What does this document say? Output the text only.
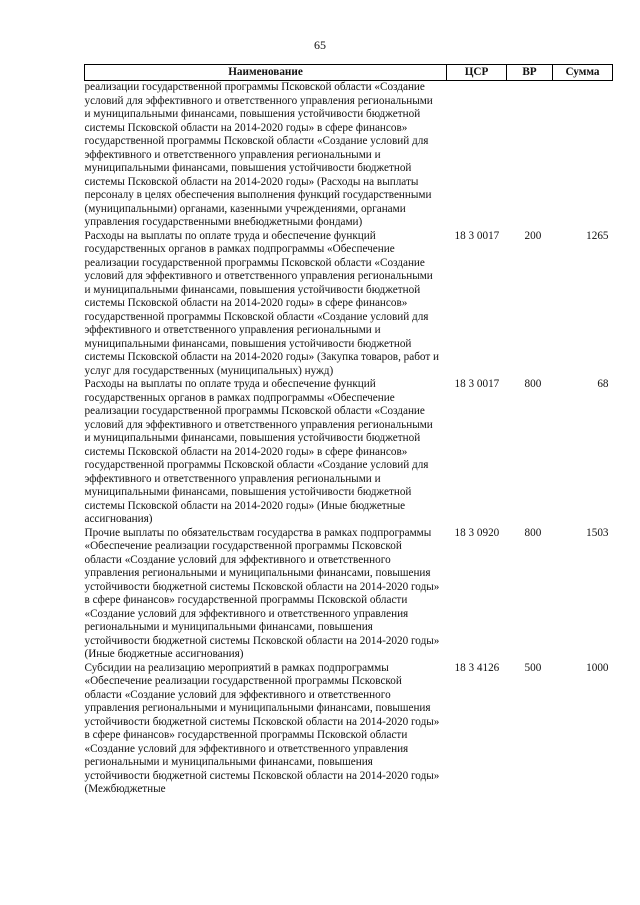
65
Наименование	ЦСР	ВР	Сумма
реализации государственной программы Псковской области «Создание условий для эффективного и ответственного управления региональными и муниципальными финансами, повышения устойчивости бюджетной системы Псковской области на 2014-2020 годы» в сфере финансов» государственной программы Псковской области «Создание условий для эффективного и ответственного управления региональными и муниципальными финансами, повышения устойчивости бюджетной системы Псковской области на 2014-2020 годы» (Расходы на выплаты персоналу в целях обеспечения выполнения функций государственными (муниципальными) органами, казенными учреждениями, органами управления государственными внебюджетными фондами)			
Расходы на выплаты по оплате труда и обеспечение функций государственных органов в рамках подпрограммы «Обеспечение реализации государственной программы Псковской области «Создание условий для эффективного и ответственного управления региональными и муниципальными финансами, повышения устойчивости бюджетной системы Псковской области на 2014-2020 годы» в сфере финансов» государственной программы Псковской области «Создание условий для эффективного и ответственного управления региональными и муниципальными финансами, повышения устойчивости бюджетной системы Псковской области на 2014-2020 годы» (Закупка товаров, работ и услуг для государственных (муниципальных) нужд)	18 3 0017	200	1265
Расходы на выплаты по оплате труда и обеспечение функций государственных органов в рамках подпрограммы «Обеспечение реализации государственной программы Псковской области «Создание условий для эффективного и ответственного управления региональными и муниципальными финансами, повышения устойчивости бюджетной системы Псковской области на 2014-2020 годы» в сфере финансов» государственной программы Псковской области «Создание условий для эффективного и ответственного управления региональными и муниципальными финансами, повышения устойчивости бюджетной системы Псковской области на 2014-2020 годы» (Иные бюджетные ассигнования)	18 3 0017	800	68
Прочие выплаты по обязательствам государства в рамках подпрограммы «Обеспечение реализации государственной программы Псковской области «Создание условий для эффективного и ответственного управления региональными и муниципальными финансами, повышения устойчивости бюджетной системы Псковской области на 2014-2020 годы» в сфере финансов» государственной программы Псковской области «Создание условий для эффективного и ответственного управления региональными и муниципальными финансами, повышения устойчивости бюджетной системы Псковской области на 2014-2020 годы» (Иные бюджетные ассигнования)	18 3 0920	800	1503
Субсидии на реализацию мероприятий в рамках подпрограммы «Обеспечение реализации государственной программы Псковской области «Создание условий для эффективного и ответственного управления региональными и муниципальными финансами, повышения устойчивости бюджетной системы Псковской области на 2014-2020 годы» в сфере финансов» государственной программы Псковской области «Создание условий для эффективного и ответственного управления региональными и муниципальными финансами, повышения устойчивости бюджетной системы Псковской области на 2014-2020 годы» (Межбюджетные	18 3 4126	500	1000
